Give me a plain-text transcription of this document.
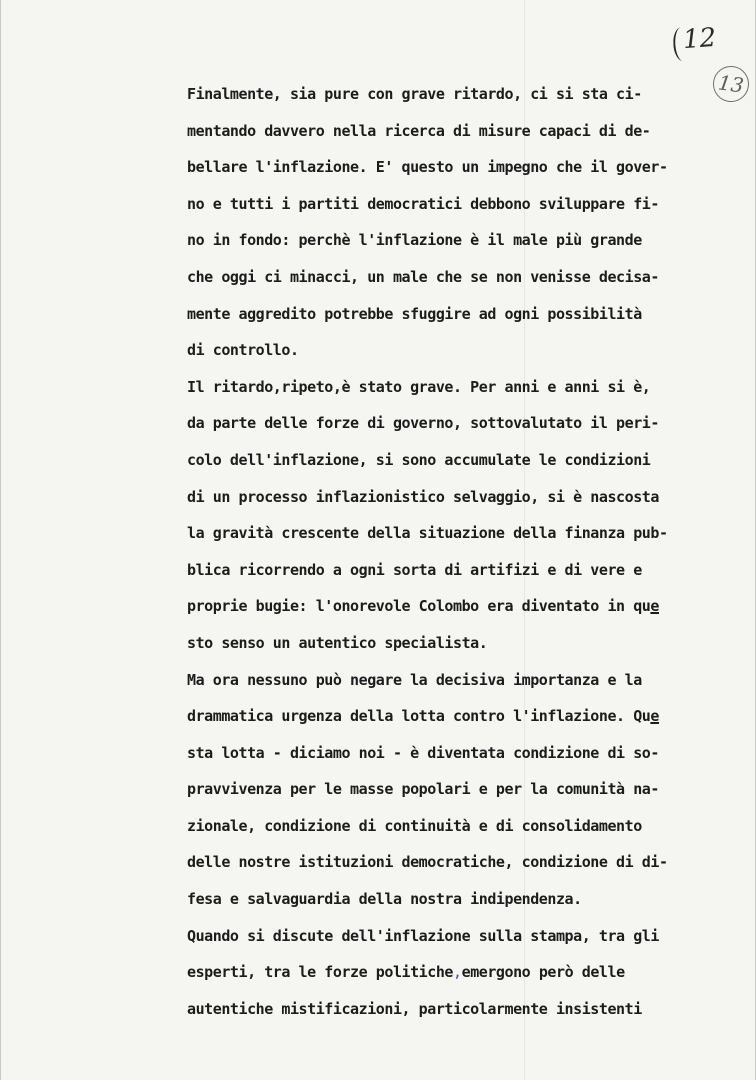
12
13
Finalmente, sia pure con grave ritardo, ci si sta ci-
mentando davvero nella ricerca di misure capaci di de-
bellare l'inflazione. E' questo un impegno che il gover-
no e tutti i partiti democratici debbono sviluppare fi-
no in fondo: perchè l'inflazione è il male più grande
che oggi ci minacci, un male che se non venisse decisa-
mente aggredito potrebbe sfuggire ad ogni possibilità
di controllo.
Il ritardo,ripeto,è stato grave. Per anni e anni si è,
da parte delle forze di governo, sottovalutato il peri-
colo dell'inflazione, si sono accumulate le condizioni
di un processo inflazionistico selvaggio, si è nascosta
la gravità crescente della situazione della finanza pub-
blica ricorrendo a ogni sorta di artifizi e di vere e
proprie bugie: l'onorevole Colombo era diventato in que
sto senso un autentico specialista.
Ma ora nessuno può negare la decisiva importanza e la
drammatica urgenza della lotta contro l'inflazione. Que
sta lotta - diciamo noi - è diventata condizione di so-
pravvivenza per le masse popolari e per la comunità na-
zionale, condizione di continuità e di consolidamento
delle nostre istituzioni democratiche, condizione di di-
fesa e salvaguardia della nostra indipendenza.
Quando si discute dell'inflazione sulla stampa, tra gli
esperti, tra le forze politiche,emergono però delle
autentiche mistificazioni, particolarmente insistenti
